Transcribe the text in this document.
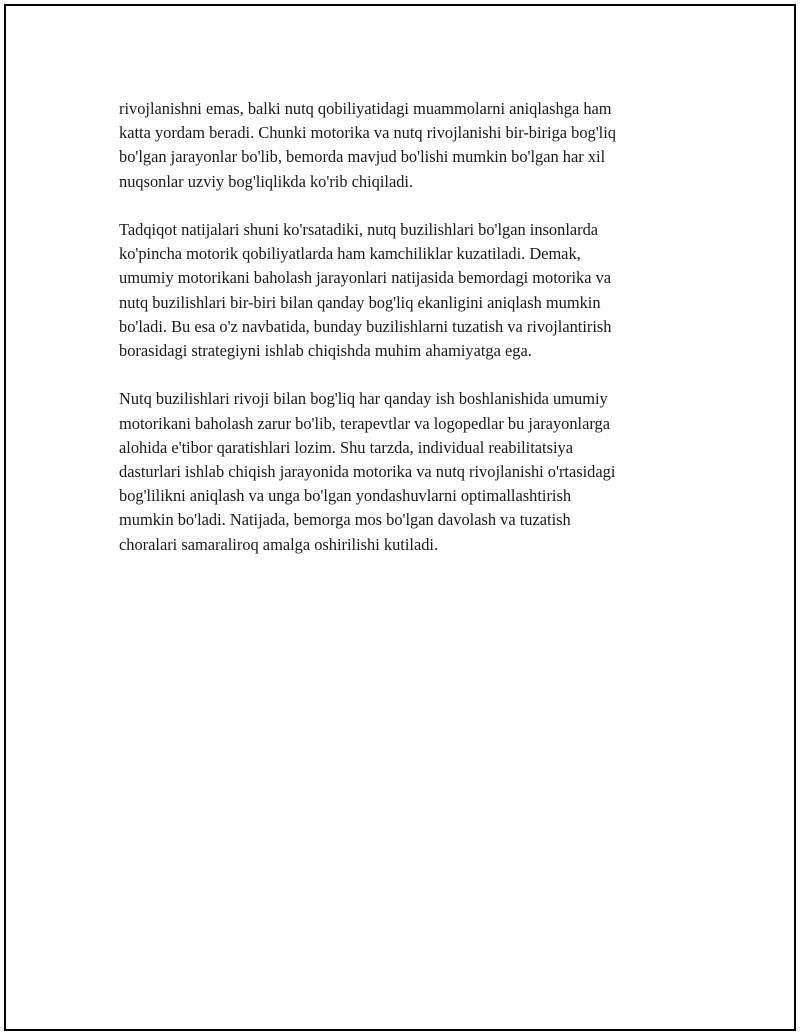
rivojlanishni emas, balki nutq qobiliyatidagi muammolarni aniqlashga ham
katta yordam beradi. Chunki motorika va nutq rivojlanishi bir-biriga bog'liq
bo'lgan jarayonlar bo'lib, bemorda mavjud bo'lishi mumkin bo'lgan har xil
nuqsonlar uzviy bog'liqlikda ko'rib chiqiladi.

Tadqiqot natijalari shuni ko'rsatadiki, nutq buzilishlari bo'lgan insonlarda
ko'pincha motorik qobiliyatlarda ham kamchiliklar kuzatiladi. Demak,
umumiy motorikani baholash jarayonlari natijasida bemordagi motorika va
nutq buzilishlari bir-biri bilan qanday bog'liq ekanligini aniqlash mumkin
bo'ladi. Bu esa o'z navbatida, bunday buzilishlarni tuzatish va rivojlantirish
borasidagi strategiyni ishlab chiqishda muhim ahamiyatga ega.

Nutq buzilishlari rivoji bilan bog'liq har qanday ish boshlanishida umumiy
motorikani baholash zarur bo'lib, terapevtlar va logopedlar bu jarayonlarga
alohida e'tibor qaratishlari lozim. Shu tarzda, individual reabilitatsiya
dasturlari ishlab chiqish jarayonida motorika va nutq rivojlanishi o'rtasidagi
bog'lilikni aniqlash va unga bo'lgan yondashuvlarni optimallashtirish
mumkin bo'ladi. Natijada, bemorga mos bo'lgan davolash va tuzatish
choralari samaraliroq amalga oshirilishi kutiladi.
